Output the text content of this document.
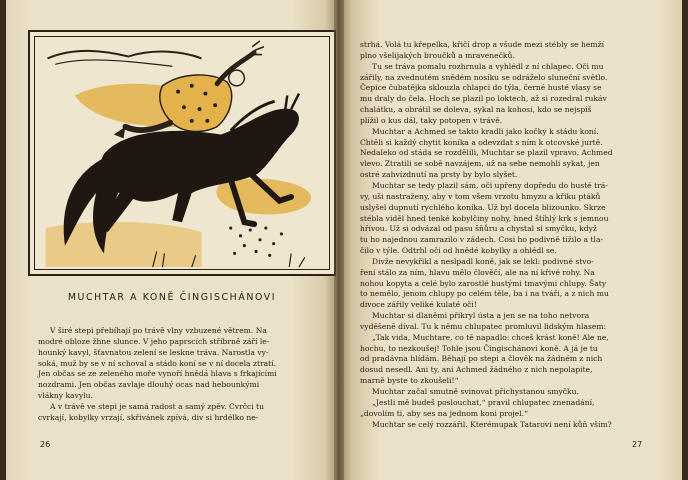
MUCHTAR A KONĚ ČINGISCHÁNOVI
V širé stepi přebíhají po trávě vlny vzbuzené větrem. Na
modré obloze žhne slunce. V jeho paprscích stříbrně září le-
hounký kavyl, šťavnatou zelení se leskne tráva. Narostla vy-
soká, muž by se v ní schoval a stádo koní se v ní docela ztratí.
Jen občas se ze zeleného moře vynoří hnědá hlava s frkajícími
nozdrami. Jen občas zavlaje dlouhý ocas nad hebounkými
vlákny kavylu.
A v trávě ve stepi je samá radost a samý zpěv. Cvrčci tu
cvrkají, kobylky vrzají, skřivánek zpívá, div si hrdélko ne-
26
strhá. Volá tu křepelka, křičí drop a všude mezi stébly se hemží
plno všelijakých broučků a mravenečků.
Tu se tráva pomalu rozhrnula a vyhlédl z ní chlapec. Oči mu
zářily, na zvednutém snědém nosíku se odráželo sluneční světlo.
Čepice čubatějka sklouzla chlapci do týla, černé husté vlasy se
mu draly do čela. Hoch se plazil po loktech, až si rozedral rukáv
chalátku, a obrátil se doleva, sykal na kohosi, kdo se nejspíš
plížil o kus dál, taky potopen v trávě.
Muchtar a Achmed se takto kradli jako kočky k stádu koní.
Chtěli si každý chytit koníka a odevzdat s ním k otcovské jurtě.
Nedaleko od stáda se rozdělili, Muchtar se plazil vpravo, Achmed
vlevo. Ztratili se sobě navzájem, už na sebe nemohli sykat, jen
ostré zahvízdnutí na prsty by bylo slyšet.
Muchtar se tedy plazil sám, oči upřeny dopředu do husté trá-
vy, uši nastraženy, aby v tom všem vrzotu hmyzu a křiku ptáků
uslyšel dupnutí rychlého koníka. Už byl docela blizounko. Skrze
stébla viděl hned tenké kobylčiny nohy, hned štíhlý krk s jemnou
hřívou. Už si odvázal od pasu šňůru a chystal si smyčku, když
tu ho najednou zamrazilo v zádech. Cosi ho podivně tížilo a tla-
čilo v týle. Odtrhl oči od hnědé kobylky a ohlédl se.
Divže nevykřikl a neslpadl koně, jak se lekl: podivné stvo-
ření stálo za ním, hlavu mělo člověčí, ale na ní křivé rohy. Na
nohou kopyta a celé bylo zarostlé hustými tmavými chlupy. Šaty
to nemělo, jenom chlupy po celém těle, ba i na tváři, a z nich mu
divoce zářily veliké kulaté oči!
Muchtar si dlaněmi přikryl ústa a jen se na toho netvora
vyděšeně díval. Tu k němu chlupatec promluvil lidským hlasem:
„Tak vida, Muchtare, co tě napadlo: chceš krást koně! Ale ne,
hochu, to nezkoušej! Tohle jsou Čingischánovi koně. A já je tu
od pradávna hlídám. Běhají po stepi a člověk na žádném z nich
dosud nesedl. Ani ty, ani Achmed žádného z nich nepolapíte,
marně byste to zkoušeli!“
Muchtar začal smutně svinovat přichystanou smyčku.
„Jestli mě budeš poslouchat,“ pravil chlupatec znenadání,
„dovolím ti, aby ses na jednom koni projel.“
Muchtar se celý rozzářil. Kterémupak Tatarovi není kůň vším?
27
